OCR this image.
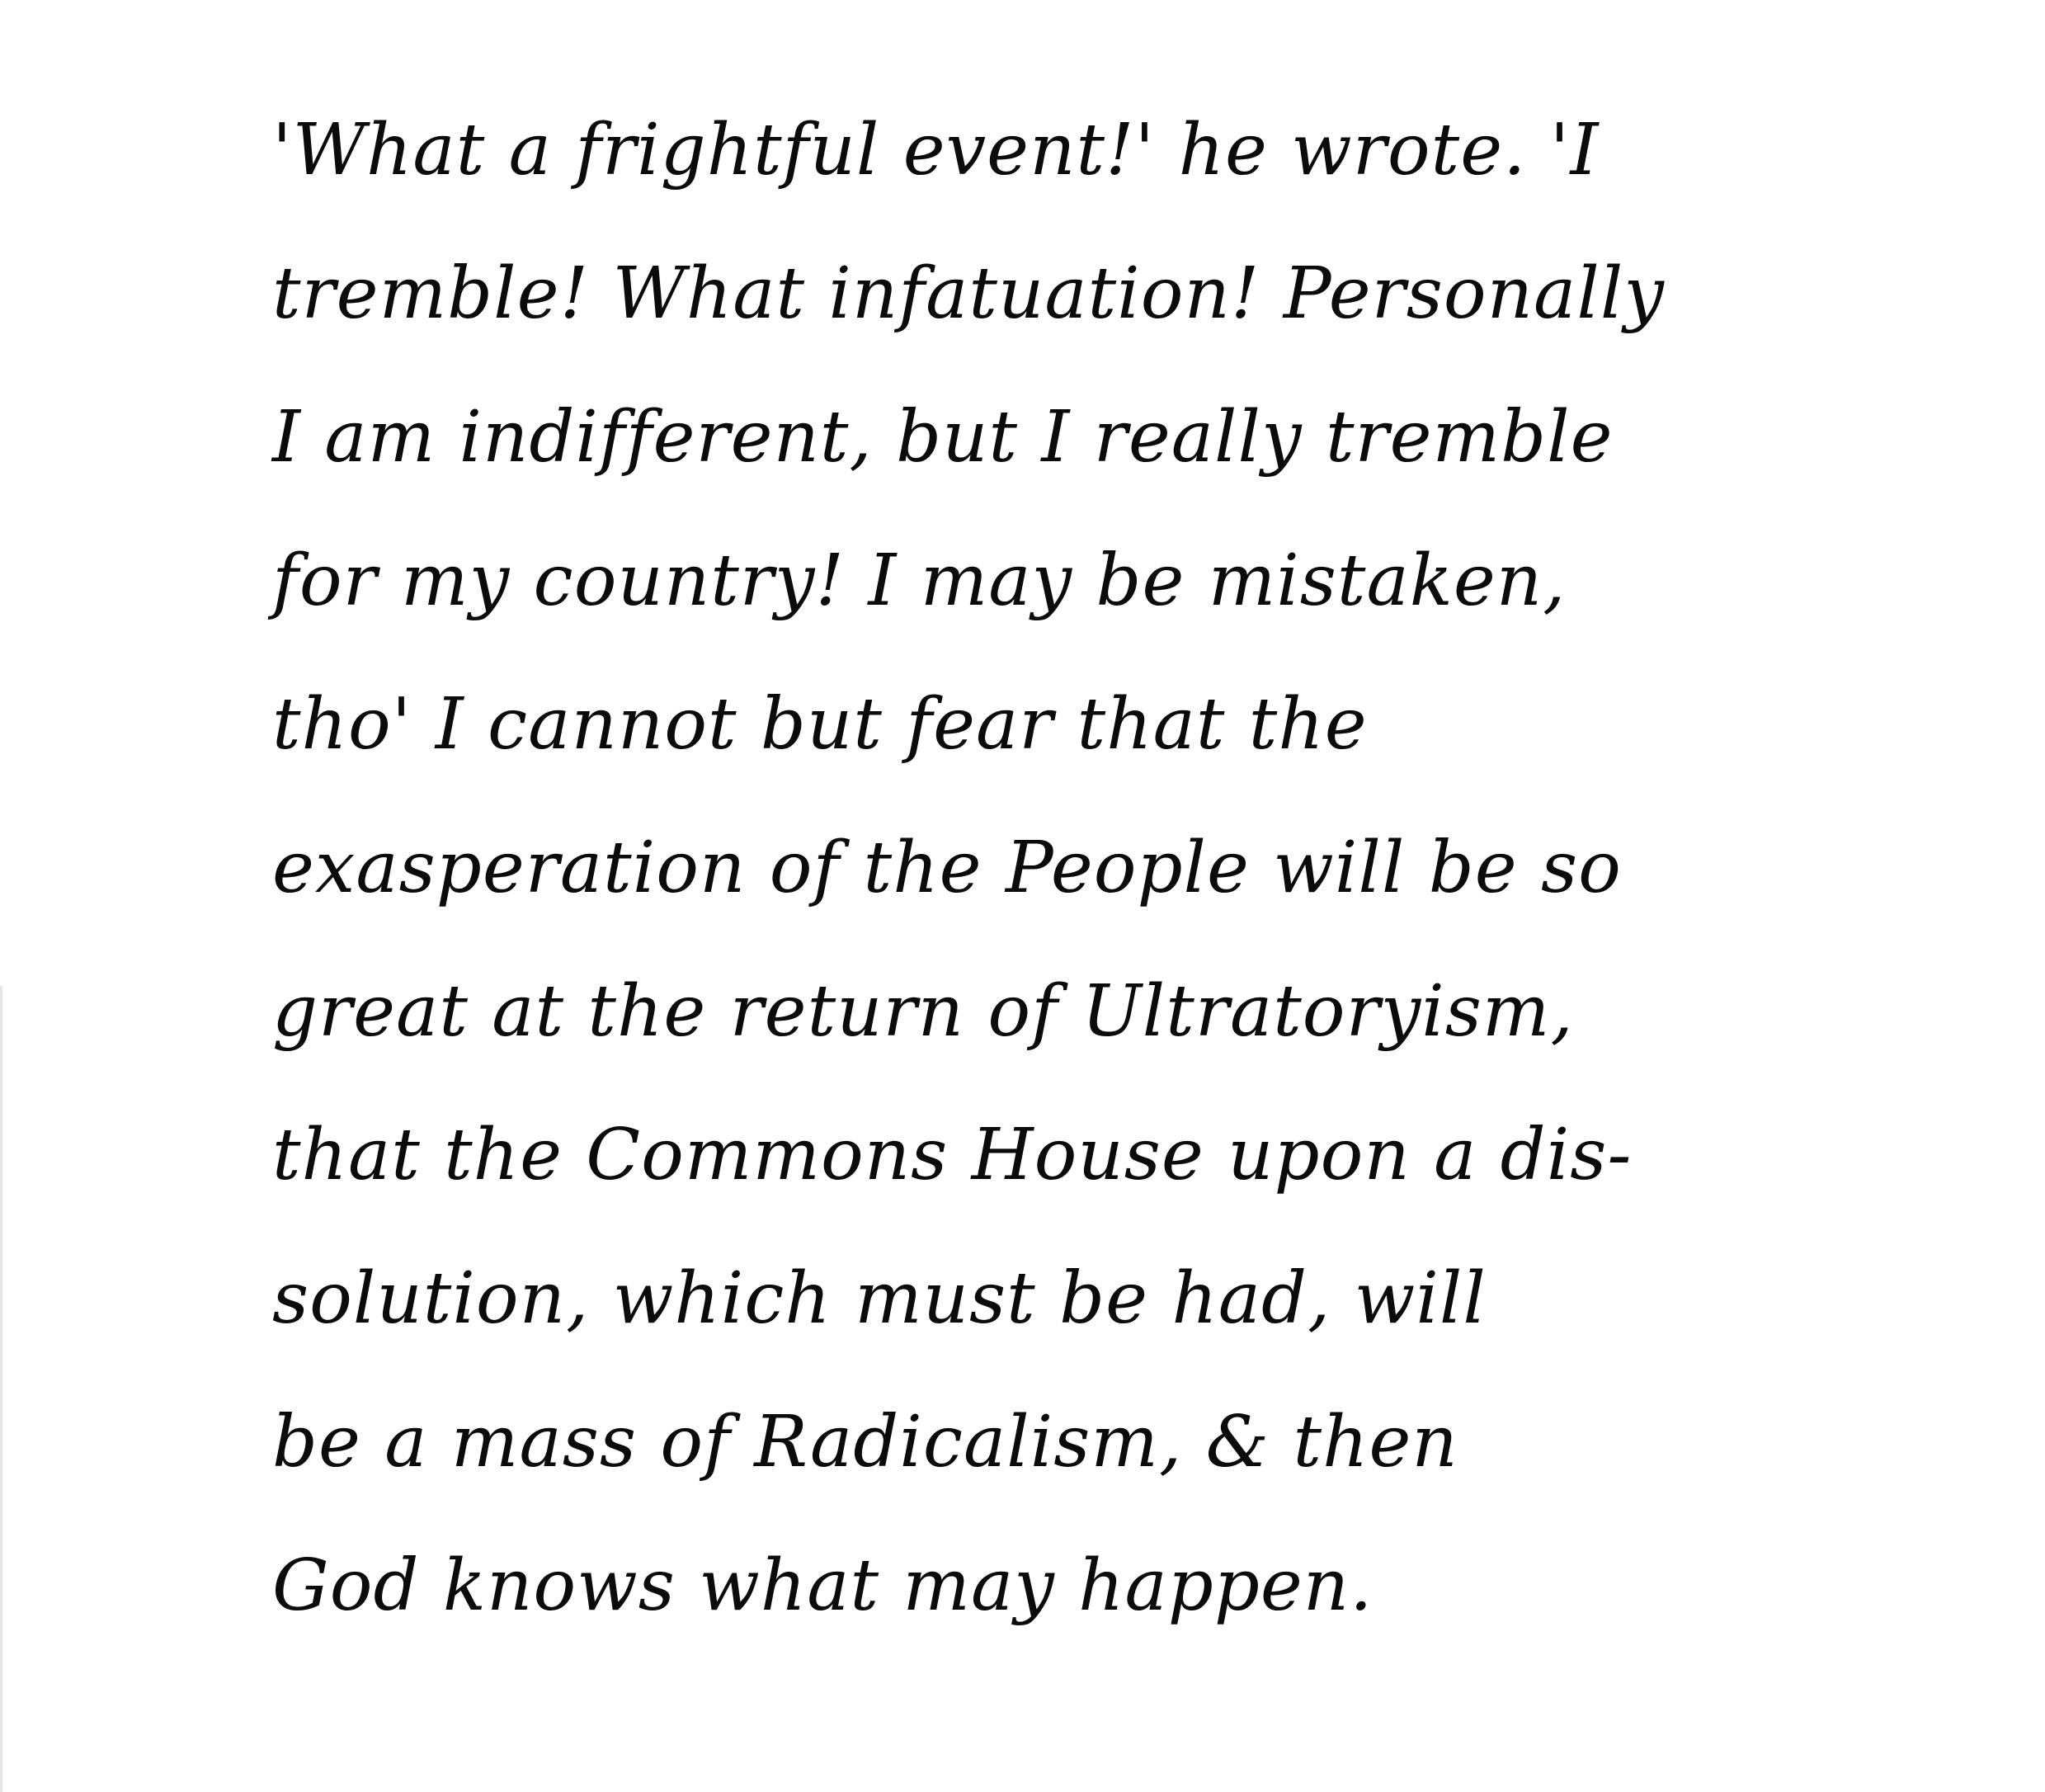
'What a frightful event!' he wrote. 'I
tremble! What infatuation! Personally
I am indifferent, but I really tremble
for my country! I may be mistaken,
tho' I cannot but fear that the
exasperation of the People will be so
great at the return of Ultratoryism,
that the Commons House upon a dis-
solution, which must be had, will
be a mass of Radicalism, & then
God knows what may happen.
